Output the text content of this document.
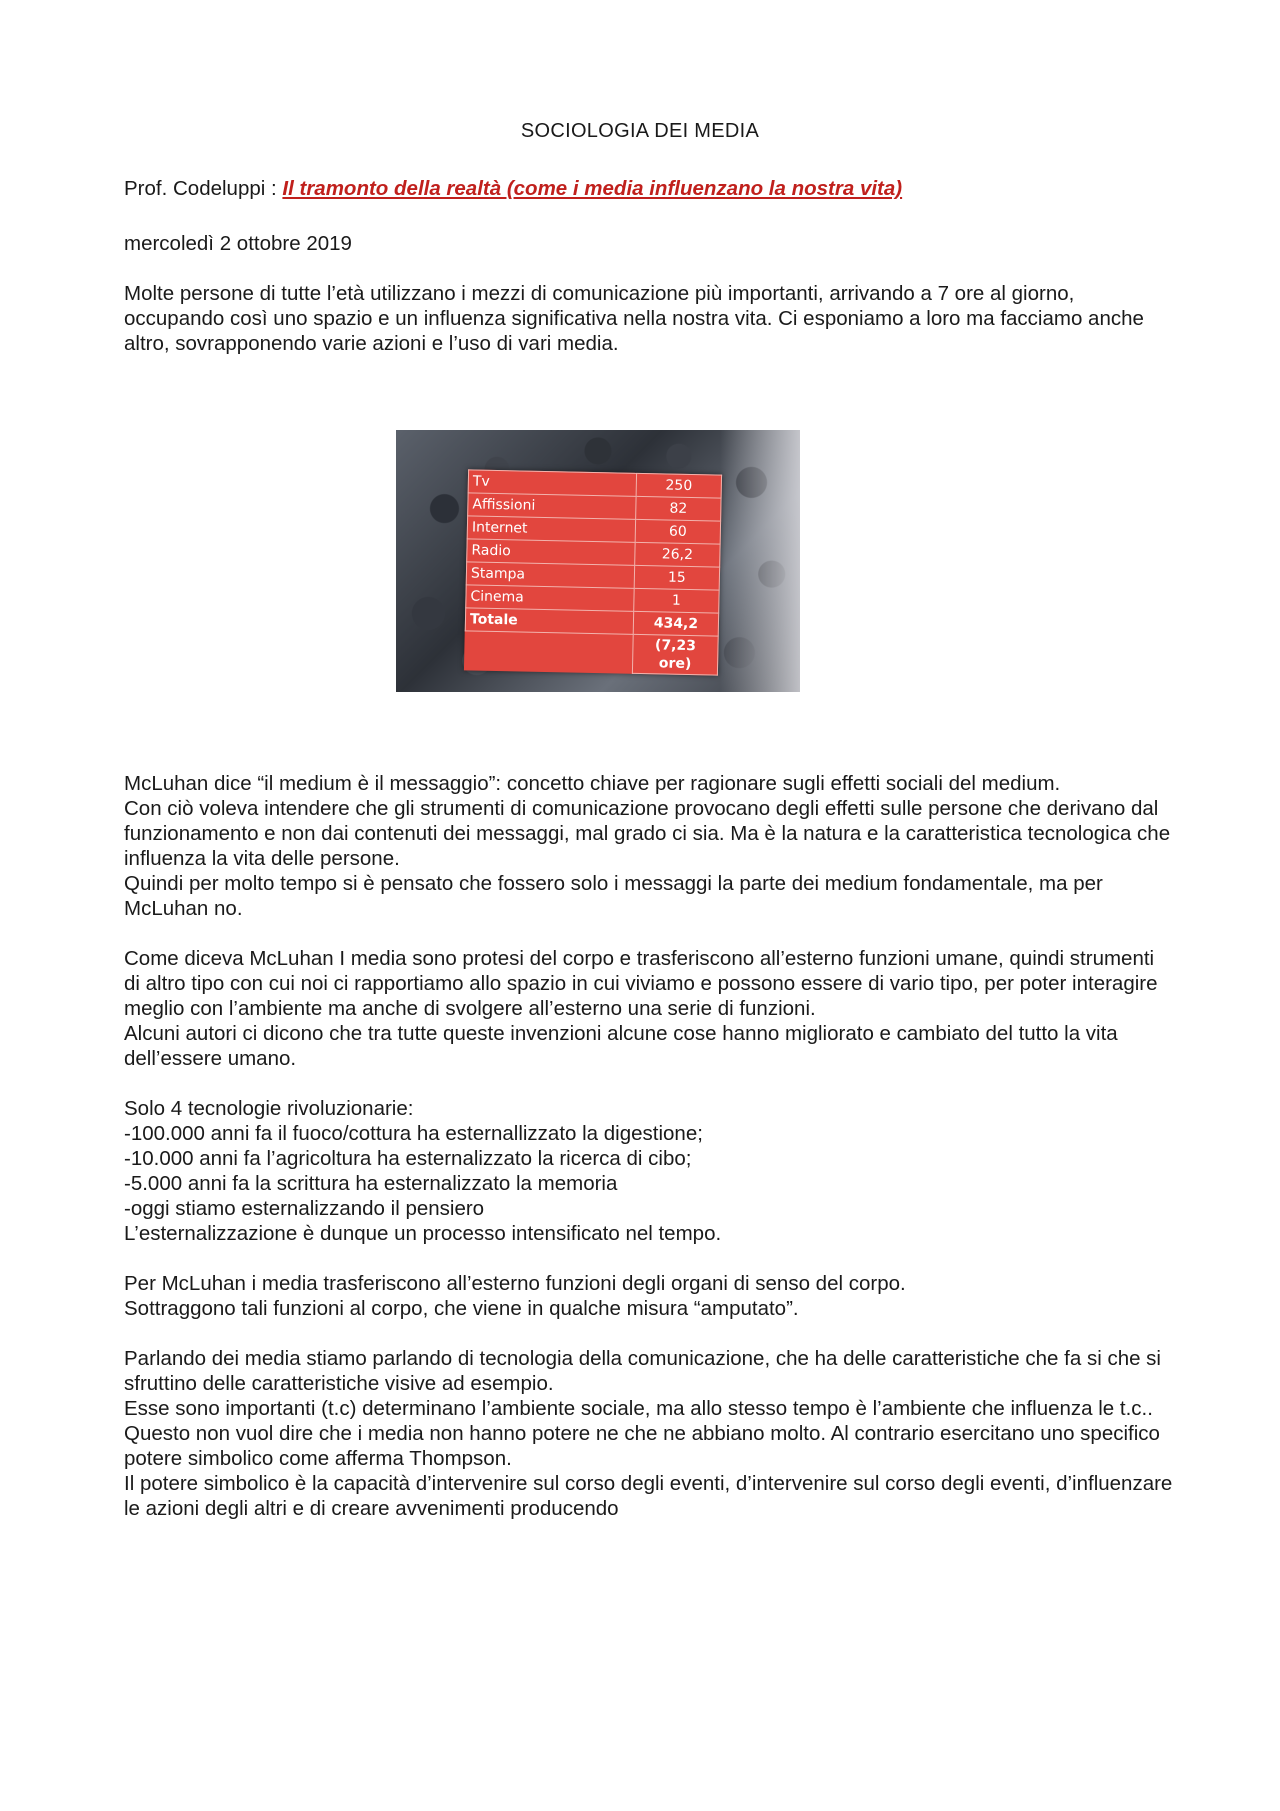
SOCIOLOGIA DEI MEDIA
Prof. Codeluppi : Il tramonto della realtà (come i media influenzano la nostra vita)
mercoledì 2 ottobre 2019

Molte persone di tutte l’età utilizzano i mezzi di comunicazione più importanti, arrivando a 7 ore al giorno, occupando così uno spazio e un influenza significativa nella nostra vita. Ci esponiamo a loro ma facciamo anche altro, sovrapponendo varie azioni e l’uso di vari media.

Tv	250
Affissioni	82
Internet	60
Radio	26,2
Stampa	15
Cinema	1
Totale	434,2
	(7,23 ore)

McLuhan dice “il medium è il messaggio”: concetto chiave per ragionare sugli effetti sociali del medium.

Con ciò voleva intendere che gli strumenti di comunicazione provocano degli effetti sulle persone che derivano dal funzionamento e non dai contenuti dei messaggi, mal grado ci sia. Ma è la natura e la caratteristica tecnologica che influenza la vita delle persone.

Quindi per molto tempo si è pensato che fossero solo i messaggi la parte dei medium fondamentale, ma per McLuhan no.

Come diceva McLuhan I media sono protesi del corpo e trasferiscono all’esterno funzioni umane, quindi strumenti di altro tipo con cui noi ci rapportiamo allo spazio in cui viviamo e possono essere di vario tipo, per poter interagire meglio con l’ambiente ma anche di svolgere all’esterno una serie di funzioni.

Alcuni autori ci dicono che tra tutte queste invenzioni alcune cose hanno migliorato e cambiato del tutto la vita dell’essere umano.

Solo 4 tecnologie rivoluzionarie:

-100.000 anni fa il fuoco/cottura ha esternallizzato la digestione;

-10.000 anni fa l’agricoltura ha esternalizzato la ricerca di cibo;

-5.000 anni fa la scrittura ha esternalizzato la memoria

-oggi stiamo esternalizzando il pensiero

L’esternalizzazione è dunque un processo intensificato nel tempo.

Per McLuhan i media trasferiscono all’esterno funzioni degli organi di senso del corpo.

Sottraggono tali funzioni al corpo, che viene in qualche misura “amputato”.

Parlando dei media stiamo parlando di tecnologia della comunicazione, che ha delle caratteristiche che fa si che si sfruttino delle caratteristiche visive ad esempio.

Esse sono importanti (t.c) determinano l’ambiente sociale, ma allo stesso tempo è l’ambiente che influenza le t.c.. Questo non vuol dire che i media non hanno potere ne che ne abbiano molto. Al contrario esercitano uno specifico potere simbolico come afferma Thompson.

Il potere simbolico è la capacità d’intervenire sul corso degli eventi, d’intervenire sul corso degli eventi, d’influenzare le azioni degli altri e di creare avvenimenti producendo
